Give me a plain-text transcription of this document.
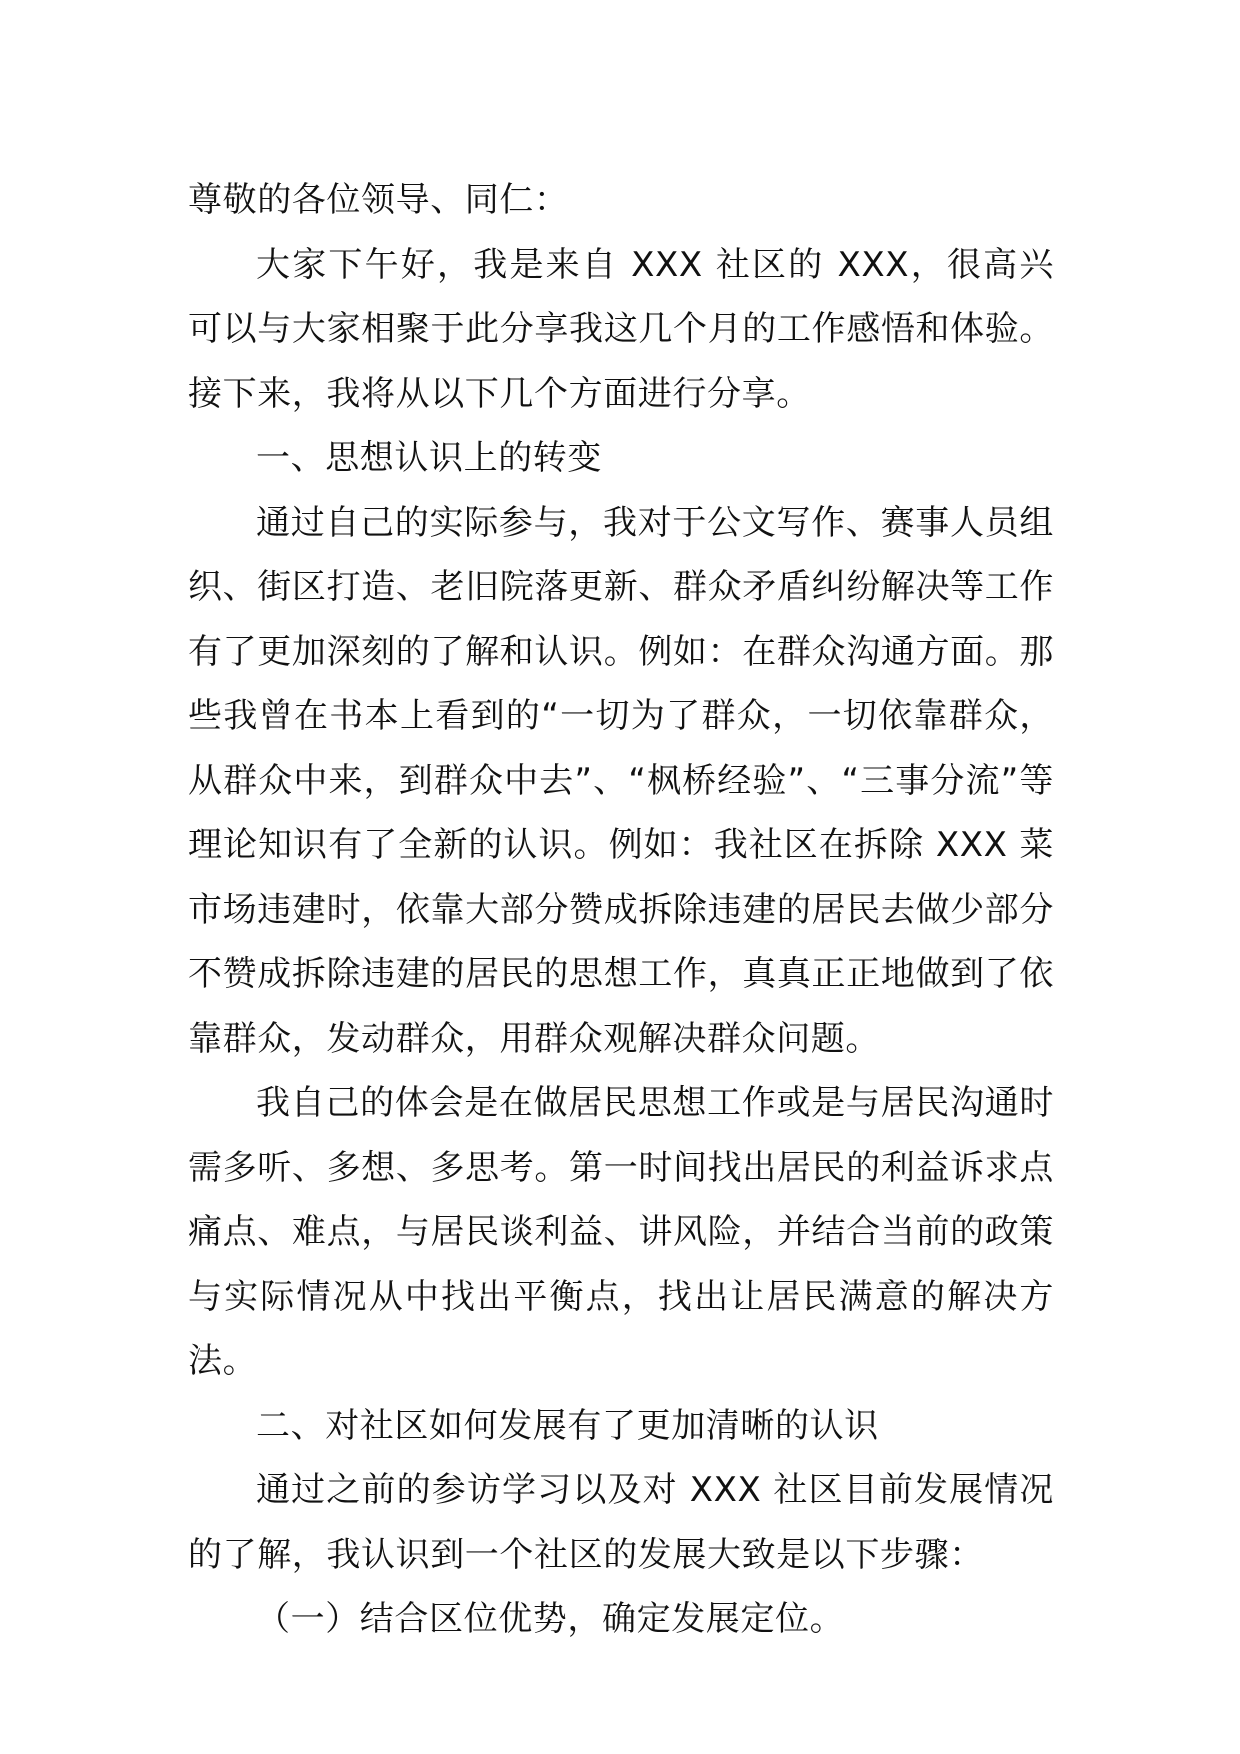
尊敬的各位领导、同仁：

大家下午好，我是来自 XXX 社区的 XXX，很高兴可以与大家相聚于此分享我这几个月的工作感悟和体验。接下来，我将从以下几个方面进行分享。

一、思想认识上的转变

通过自己的实际参与，我对于公文写作、赛事人员组织、街区打造、老旧院落更新、群众矛盾纠纷解决等工作有了更加深刻的了解和认识。例如：在群众沟通方面。那些我曾在书本上看到的“一切为了群众，一切依靠群众，从群众中来，到群众中去”、“枫桥经验”、“三事分流”等理论知识有了全新的认识。例如：我社区在拆除 XXX 菜市场违建时，依靠大部分赞成拆除违建的居民去做少部分不赞成拆除违建的居民的思想工作，真真正正地做到了依靠群众，发动群众，用群众观解决群众问题。

我自己的体会是在做居民思想工作或是与居民沟通时需多听、多想、多思考。第一时间找出居民的利益诉求点痛点、难点，与居民谈利益、讲风险，并结合当前的政策与实际情况从中找出平衡点，找出让居民满意的解决方法。

二、对社区如何发展有了更加清晰的认识

通过之前的参访学习以及对 XXX 社区目前发展情况的了解，我认识到一个社区的发展大致是以下步骤：

（一）结合区位优势，确定发展定位。
